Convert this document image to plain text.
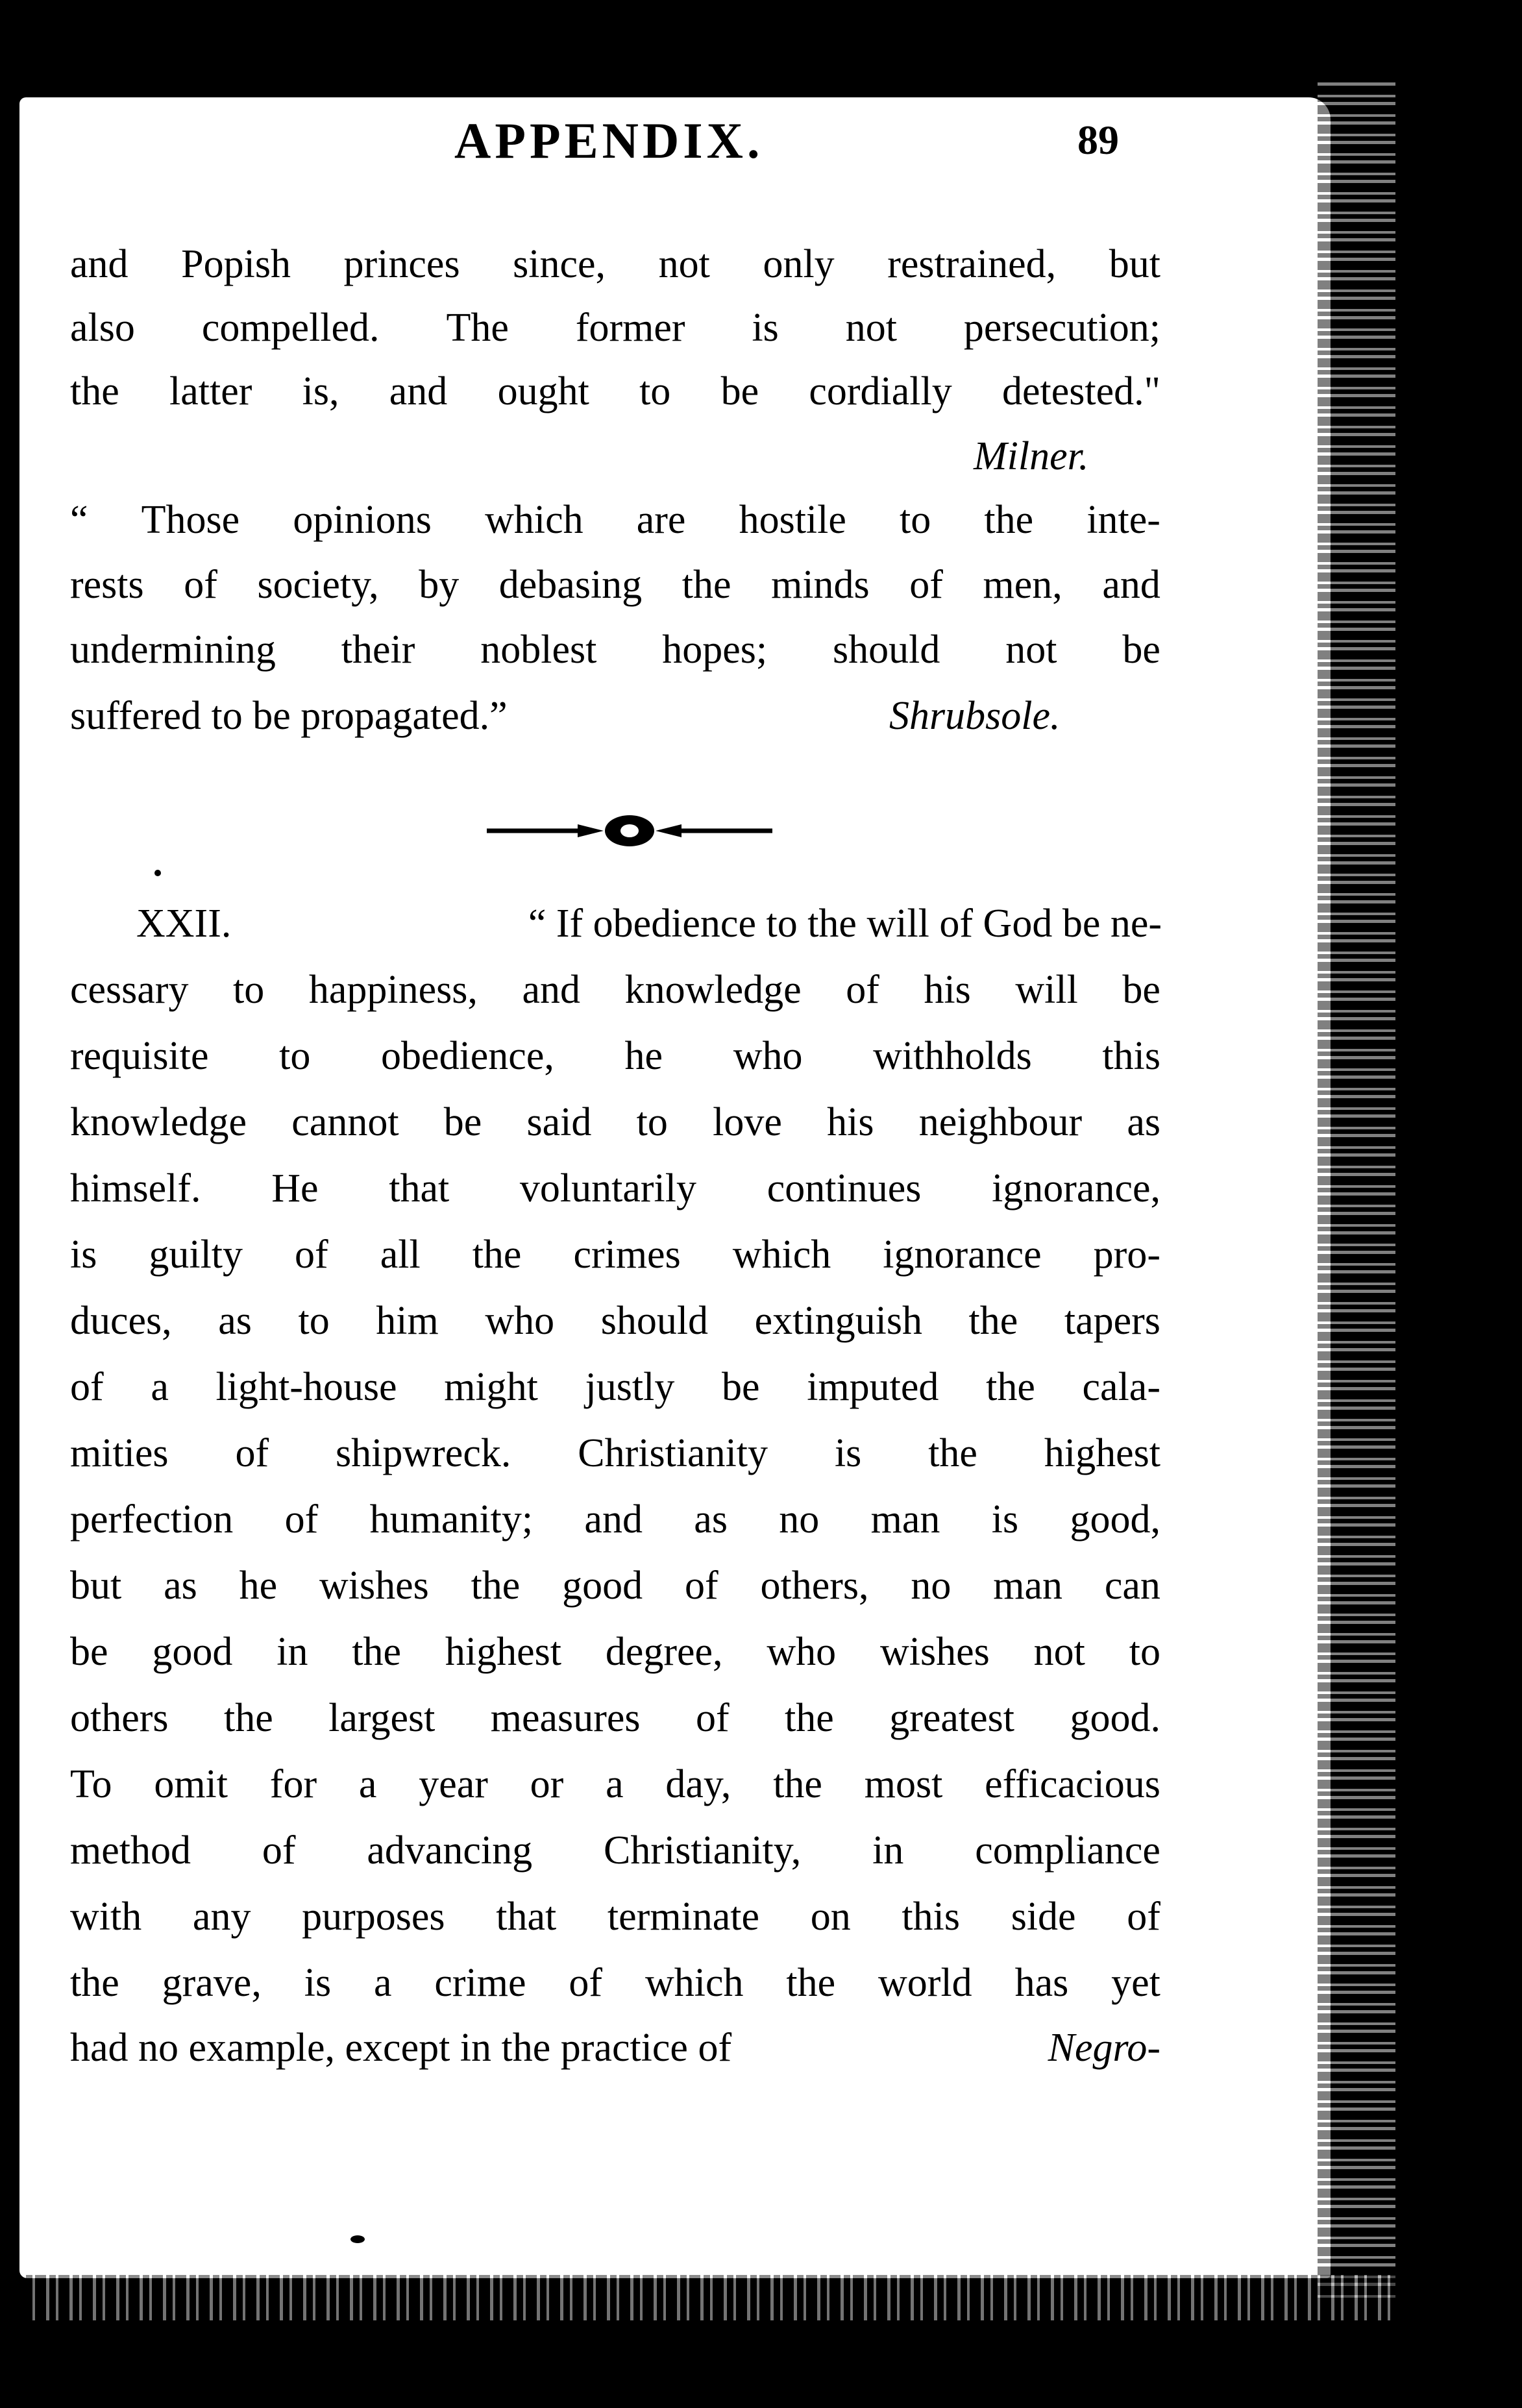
APPENDIX.	89
and Popish princes since, not only restrained, but
also compelled. The former is not persecution;
the latter is, and ought to be cordially detested."
Milner.
“ Those opinions which are hostile to the inte-
rests of society, by debasing the minds of men, and
undermining their noblest hopes; should not be
suffered to be propagated.”	Shrubsole.
XXII.	“ If obedience to the will of God be ne-
cessary to happiness, and knowledge of his will be
requisite to obedience, he who withholds this
knowledge cannot be said to love his neighbour as
himself. He that voluntarily continues ignorance,
is guilty of all the crimes which ignorance pro-
duces, as to him who should extinguish the tapers
of a light-house might justly be imputed the cala-
mities of shipwreck. Christianity is the highest
perfection of humanity; and as no man is good,
but as he wishes the good of others, no man can
be good in the highest degree, who wishes not to
others the largest measures of the greatest good.
To omit for a year or a day, the most efficacious
method of advancing Christianity, in compliance
with any purposes that terminate on this side of
the grave, is a crime of which the world has yet
had no example, except in the practice of	Negro-
